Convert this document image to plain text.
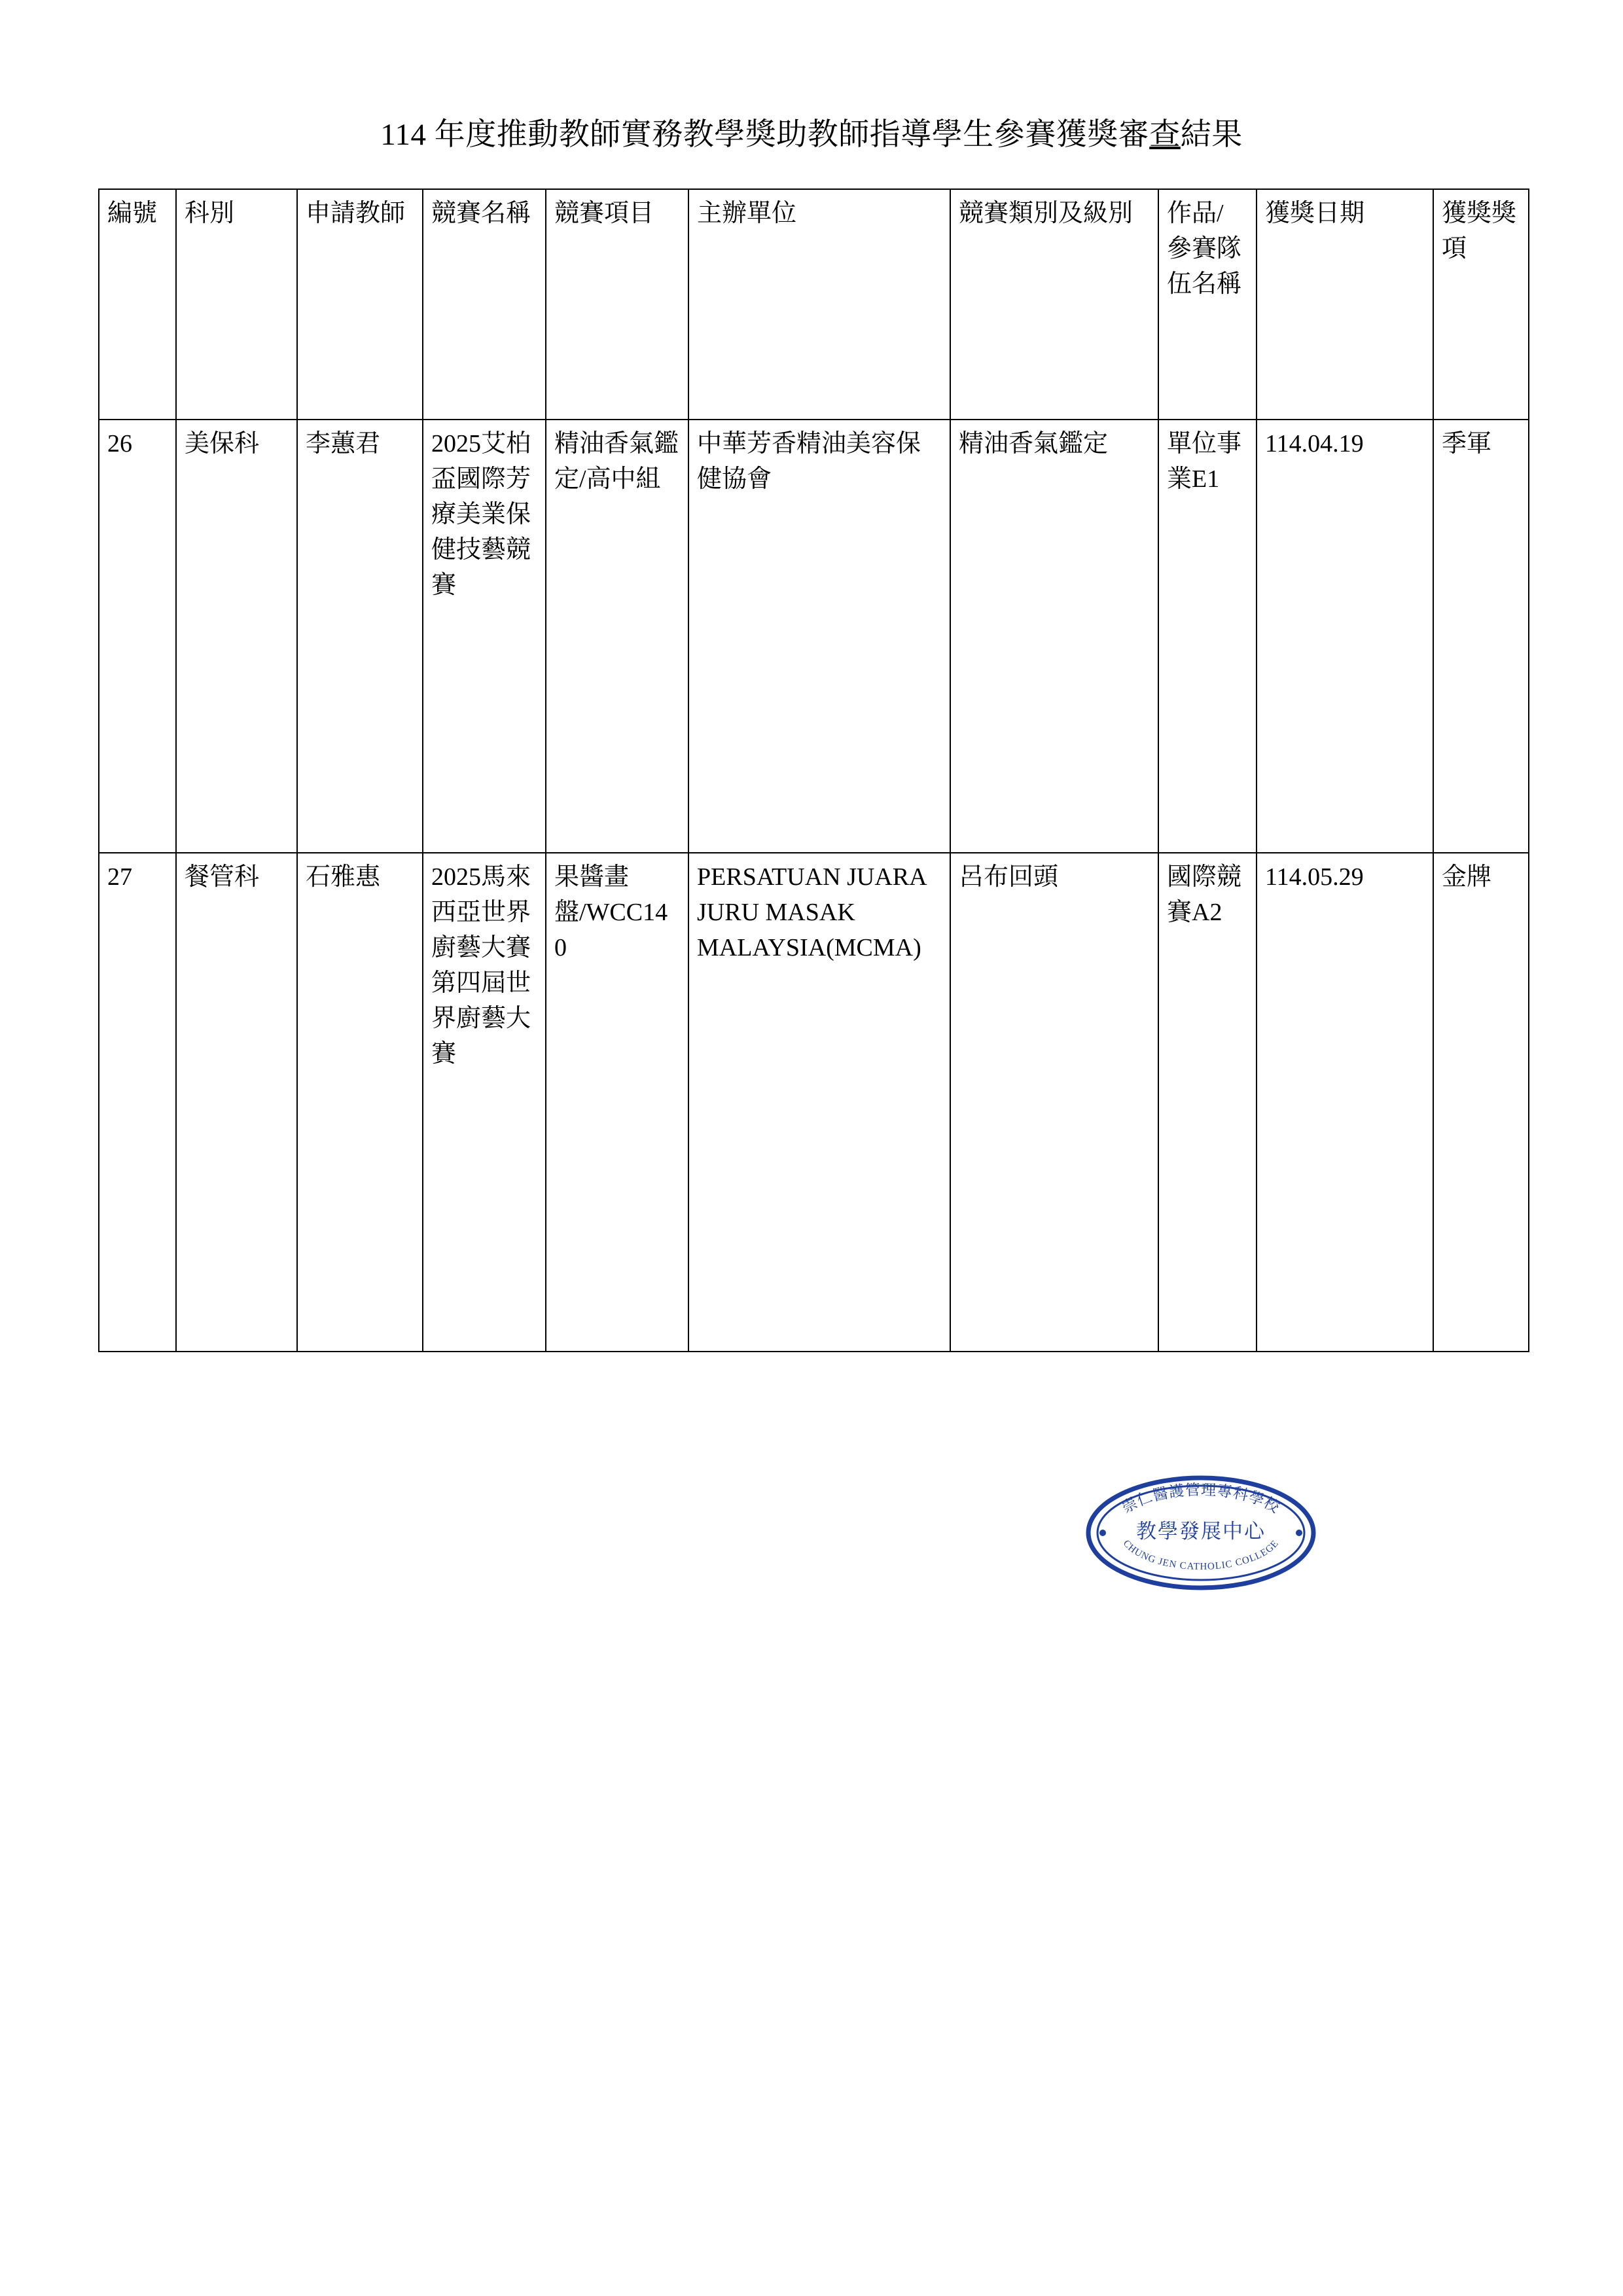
114 年度推動教師實務教學獎助教師指導學生參賽獲獎審查結果
編號	科別	申請教師	競賽名稱	競賽項目	主辦單位	競賽類別及級別	作品/參賽隊伍名稱	獲獎日期	獲獎獎項
26	美保科	李蕙君	2025艾柏盃國際芳療美業保健技藝競賽	精油香氣鑑定/高中組	中華芳香精油美容保健協會	精油香氣鑑定	單位事業E1	114.04.19	季軍
27	餐管科	石雅惠	2025馬來西亞世界廚藝大賽第四屆世界廚藝大賽	果醬畫盤/WCC140	PERSATUAN JUARA JURU MASAK MALAYSIA(MCMA)	呂布回頭	國際競賽A2	114.05.29	金牌
崇仁醫護管理專科學校
CHUNG JEN CATHOLIC COLLEGE
教學發展中心
